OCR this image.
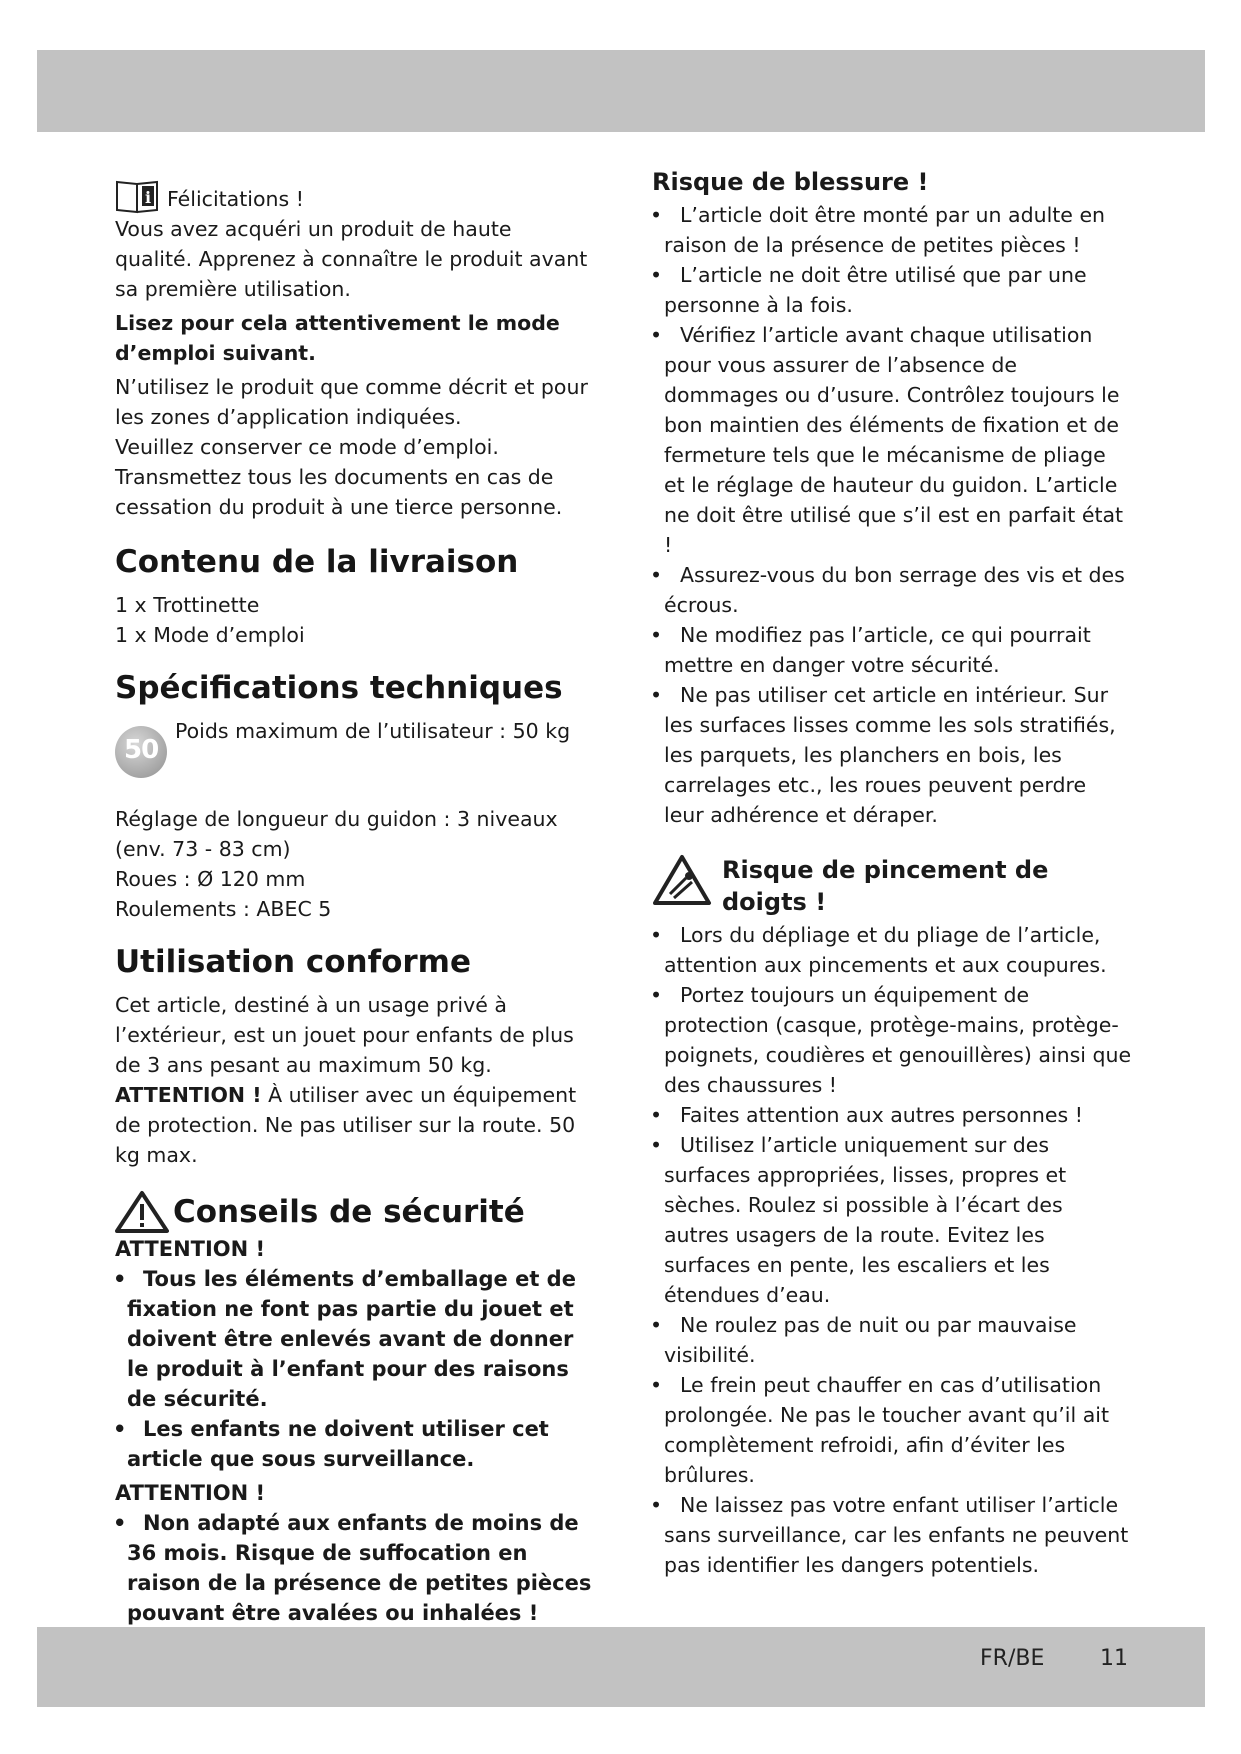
FR/BE	11
i Félicitations !

Vous avez acquéri un produit de haute qualité. Apprenez à connaître le produit avant sa première utilisation.

Lisez pour cela attentivement le mode d’emploi suivant.

N’utilisez le produit que comme décrit et pour les zones d’application indiquées.

Veuillez conserver ce mode d’emploi. Transmettez tous les documents en cas de cessation du produit à une tierce personne.

Contenu de la livraison

1 x Trottinette

1 x Mode d’emploi

Spécifications techniques
50

Poids maximum de l’utilisateur : 50 kg

Réglage de longueur du guidon : 3 niveaux (env. 73 - 83 cm)

Roues : Ø 120 mm

Roulements : ABEC 5

Utilisation conforme

Cet article, destiné à un usage privé à l’extérieur, est un jouet pour enfants de plus de 3 ans pesant au maximum 50 kg.

ATTENTION ! À utiliser avec un équipement de protection. Ne pas utiliser sur la route. 50 kg max.

Conseils de sécurité

ATTENTION !

• Tous les éléments d’emballage et de fixation ne font pas partie du jouet et doivent être enlevés avant de donner le produit à l’enfant pour des raisons de sécurité.
• Les enfants ne doivent utiliser cet article que sous surveillance.

ATTENTION !

• Non adapté aux enfants de moins de 36 mois. Risque de suffocation en raison de la présence de petites pièces pouvant être avalées ou inhalées !
Risque de blessure !
• L’article doit être monté par un adulte en raison de la présence de petites pièces !
• L’article ne doit être utilisé que par une personne à la fois.
• Vérifiez l’article avant chaque utilisation pour vous assurer de l’absence de dommages ou d’usure. Contrôlez toujours le bon maintien des éléments de fixation et de fermeture tels que le mécanisme de pliage et le réglage de hauteur du guidon. L’article ne doit être utilisé que s’il est en parfait état !
• Assurez-vous du bon serrage des vis et des écrous.
• Ne modifiez pas l’article, ce qui pourrait mettre en danger votre sécurité.
• Ne pas utiliser cet article en intérieur. Sur les surfaces lisses comme les sols stratifiés, les parquets, les planchers en bois, les carrelages etc., les roues peuvent perdre leur adhérence et déraper.
Risque de pincement de doigts !
• Lors du dépliage et du pliage de l’article, attention aux pincements et aux coupures.
• Portez toujours un équipement de protection (casque, protège-mains, protège-poignets, coudières et genouillères) ainsi que des chaussures !
• Faites attention aux autres personnes !
• Utilisez l’article uniquement sur des surfaces appropriées, lisses, propres et sèches. Roulez si possible à l’écart des autres usagers de la route. Evitez les surfaces en pente, les escaliers et les étendues d’eau.
• Ne roulez pas de nuit ou par mauvaise visibilité.
• Le frein peut chauffer en cas d’utilisation prolongée. Ne pas le toucher avant qu’il ait complètement refroidi, afin d’éviter les brûlures.
• Ne laissez pas votre enfant utiliser l’article sans surveillance, car les enfants ne peuvent pas identifier les dangers potentiels.
